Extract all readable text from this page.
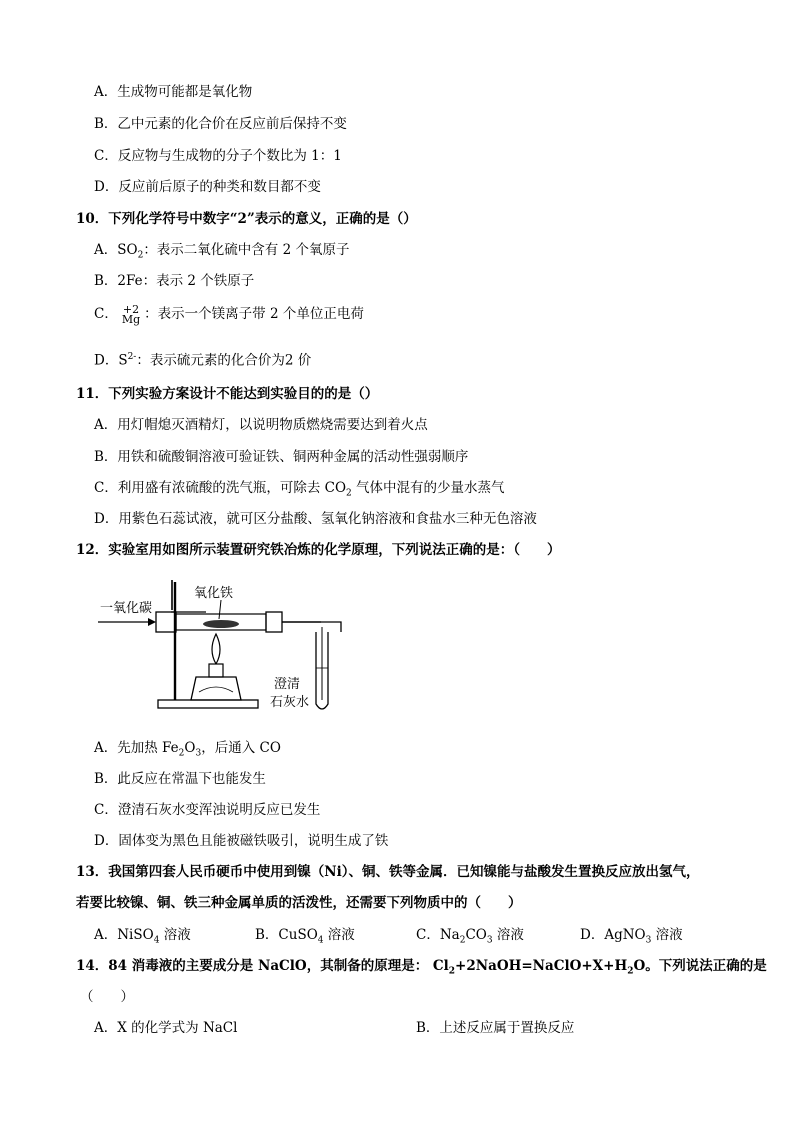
A．生成物可能都是氧化物
B．乙中元素的化合价在反应前后保持不变
C．反应物与生成物的分子个数比为 1：1
D．反应前后原子的种类和数目都不变
10．下列化学符号中数字“2”表示的意义，正确的是（）
A．$SO_2$：表示二氧化硫中含有 2 个氧原子
B．2Fe：表示 2 个铁原子
C． +2
Mg ：表示一个镁离子带 2 个单位正电荷
D．$S^{2-}$：表示硫元素的化合价为2 价
11．下列实验方案设计不能达到实验目的的是（）
A．用灯帽熄灭酒精灯，以说明物质燃烧需要达到着火点
B．用铁和硫酸铜溶液可验证铁、铜两种金属的活动性强弱顺序
C．利用盛有浓硫酸的洗气瓶，可除去 $CO_2$ 气体中混有的少量水蒸气
D．用紫色石蕊试液，就可区分盐酸、氢氧化钠溶液和食盐水三种无色溶液
12．实验室用如图所示装置研究铁冶炼的化学原理，下列说法正确的是：（　　）
一氧化碳
氧化铁
澄清
石灰水
A．先加热 $Fe_2O_3$，后通入 CO
B．此反应在常温下也能发生
C．澄清石灰水变浑浊说明反应已发生
D．固体变为黑色且能被磁铁吸引，说明生成了铁
13．我国第四套人民币硬币中使用到镍（Ni）、铜、铁等金属．已知镍能与盐酸发生置换反应放出氢气，
若要比较镍、铜、铁三种金属单质的活泼性，还需要下列物质中的（　　）
A．NiSO$_4$ 溶液	B．CuSO$_4$ 溶液	C．$Na_2CO_3$ 溶液	D．AgNO$_3$ 溶液
14．84 消毒液的主要成分是 NaClO，其制备的原理是： $Cl_2+2NaOH=NaClO+X+H_2O$。下列说法正确的是
（　　）
A．X 的化学式为 NaCl	B．上述反应属于置换反应
